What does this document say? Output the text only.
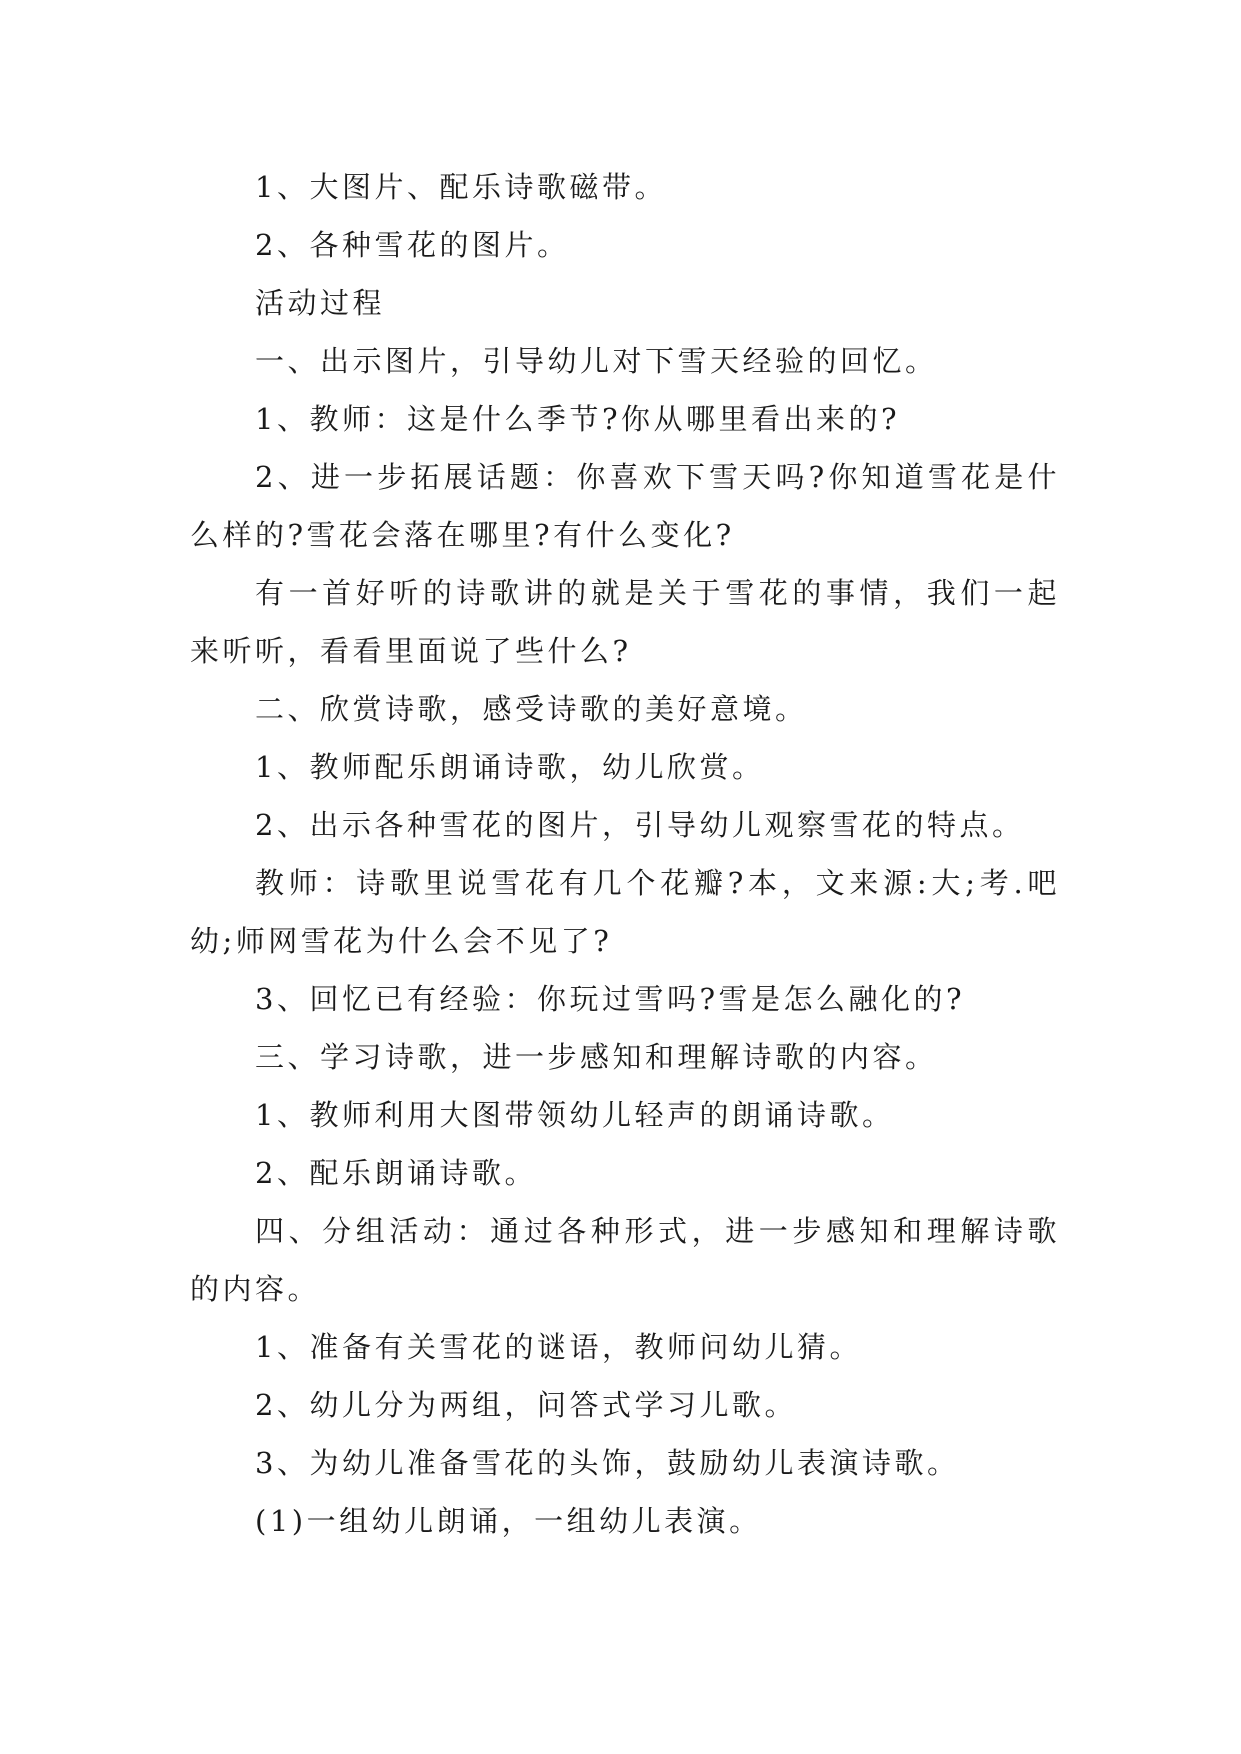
1、大图片、配乐诗歌磁带。

2、各种雪花的图片。

活动过程

一、出示图片，引导幼儿对下雪天经验的回忆。

1、教师：这是什么季节?你从哪里看出来的?

2、进一步拓展话题：你喜欢下雪天吗?你知道雪花是什么样的?雪花会落在哪里?有什么变化?

有一首好听的诗歌讲的就是关于雪花的事情，我们一起来听听，看看里面说了些什么?

二、欣赏诗歌，感受诗歌的美好意境。

1、教师配乐朗诵诗歌，幼儿欣赏。

2、出示各种雪花的图片，引导幼儿观察雪花的特点。

教师：诗歌里说雪花有几个花瓣?本，文来源:大;考.吧幼;师网雪花为什么会不见了?

3、回忆已有经验：你玩过雪吗?雪是怎么融化的?

三、学习诗歌，进一步感知和理解诗歌的内容。

1、教师利用大图带领幼儿轻声的朗诵诗歌。

2、配乐朗诵诗歌。

四、分组活动：通过各种形式，进一步感知和理解诗歌的内容。

1、准备有关雪花的谜语，教师问幼儿猜。

2、幼儿分为两组，问答式学习儿歌。

3、为幼儿准备雪花的头饰，鼓励幼儿表演诗歌。

(1)一组幼儿朗诵，一组幼儿表演。
